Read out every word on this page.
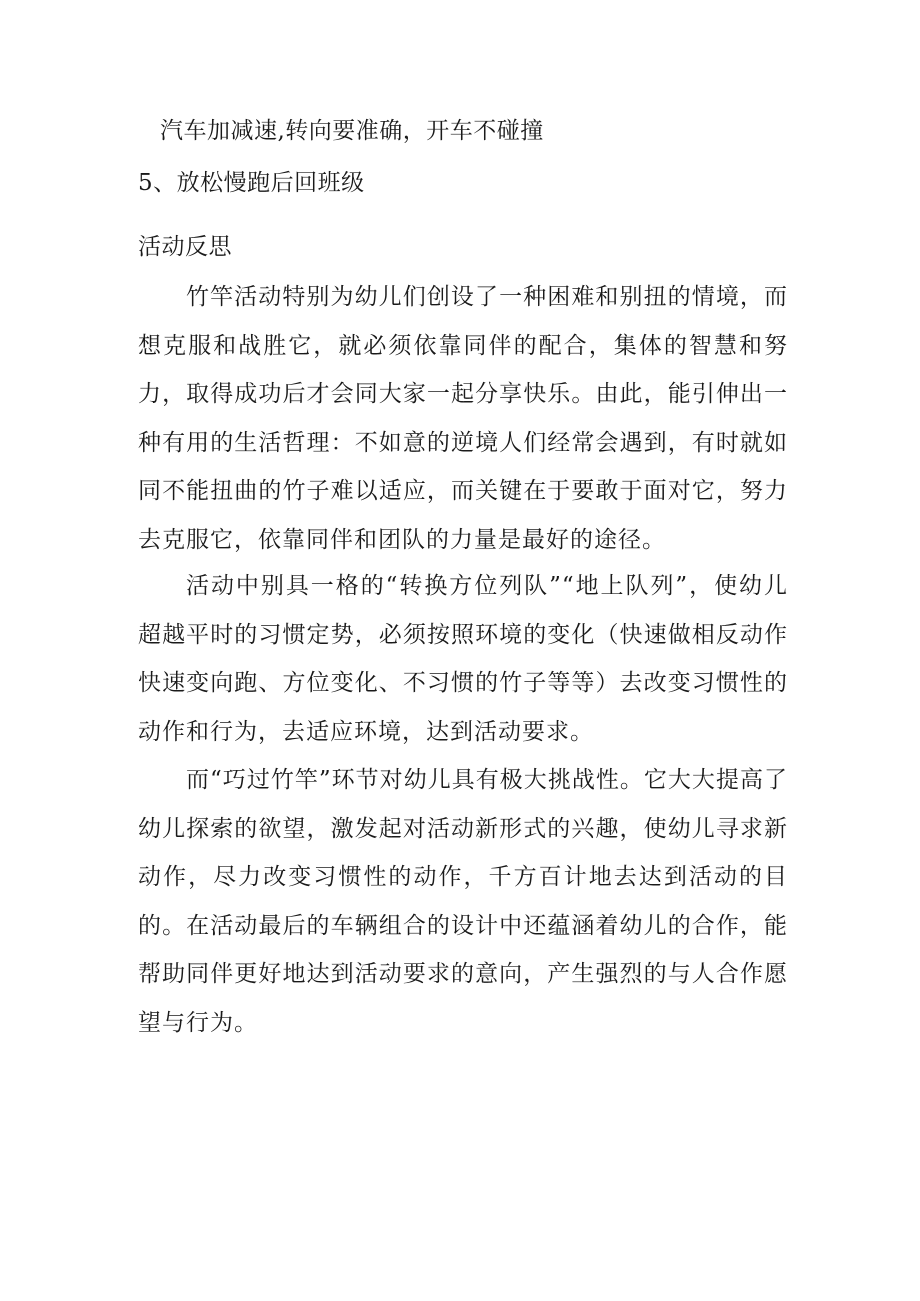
汽车加减速,转向要准确，开车不碰撞
5、放松慢跑后回班级
活动反思

竹竿活动特别为幼儿们创设了一种困难和别扭的情境，而想克服和战胜它，就必须依靠同伴的配合，集体的智慧和努力，取得成功后才会同大家一起分享快乐。由此，能引伸出一种有用的生活哲理：不如意的逆境人们经常会遇到，有时就如同不能扭曲的竹子难以适应，而关键在于要敢于面对它，努力去克服它，依靠同伴和团队的力量是最好的途径。

活动中别具一格的“转换方位列队”“地上队列”，使幼儿超越平时的习惯定势，必须按照环境的变化（快速做相反动作快速变向跑、方位变化、不习惯的竹子等等）去改变习惯性的动作和行为，去适应环境，达到活动要求。

而“巧过竹竿”环节对幼儿具有极大挑战性。它大大提高了幼儿探索的欲望，激发起对活动新形式的兴趣，使幼儿寻求新动作，尽力改变习惯性的动作，千方百计地去达到活动的目的。在活动最后的车辆组合的设计中还蕴涵着幼儿的合作，能帮助同伴更好地达到活动要求的意向，产生强烈的与人合作愿望与行为。
